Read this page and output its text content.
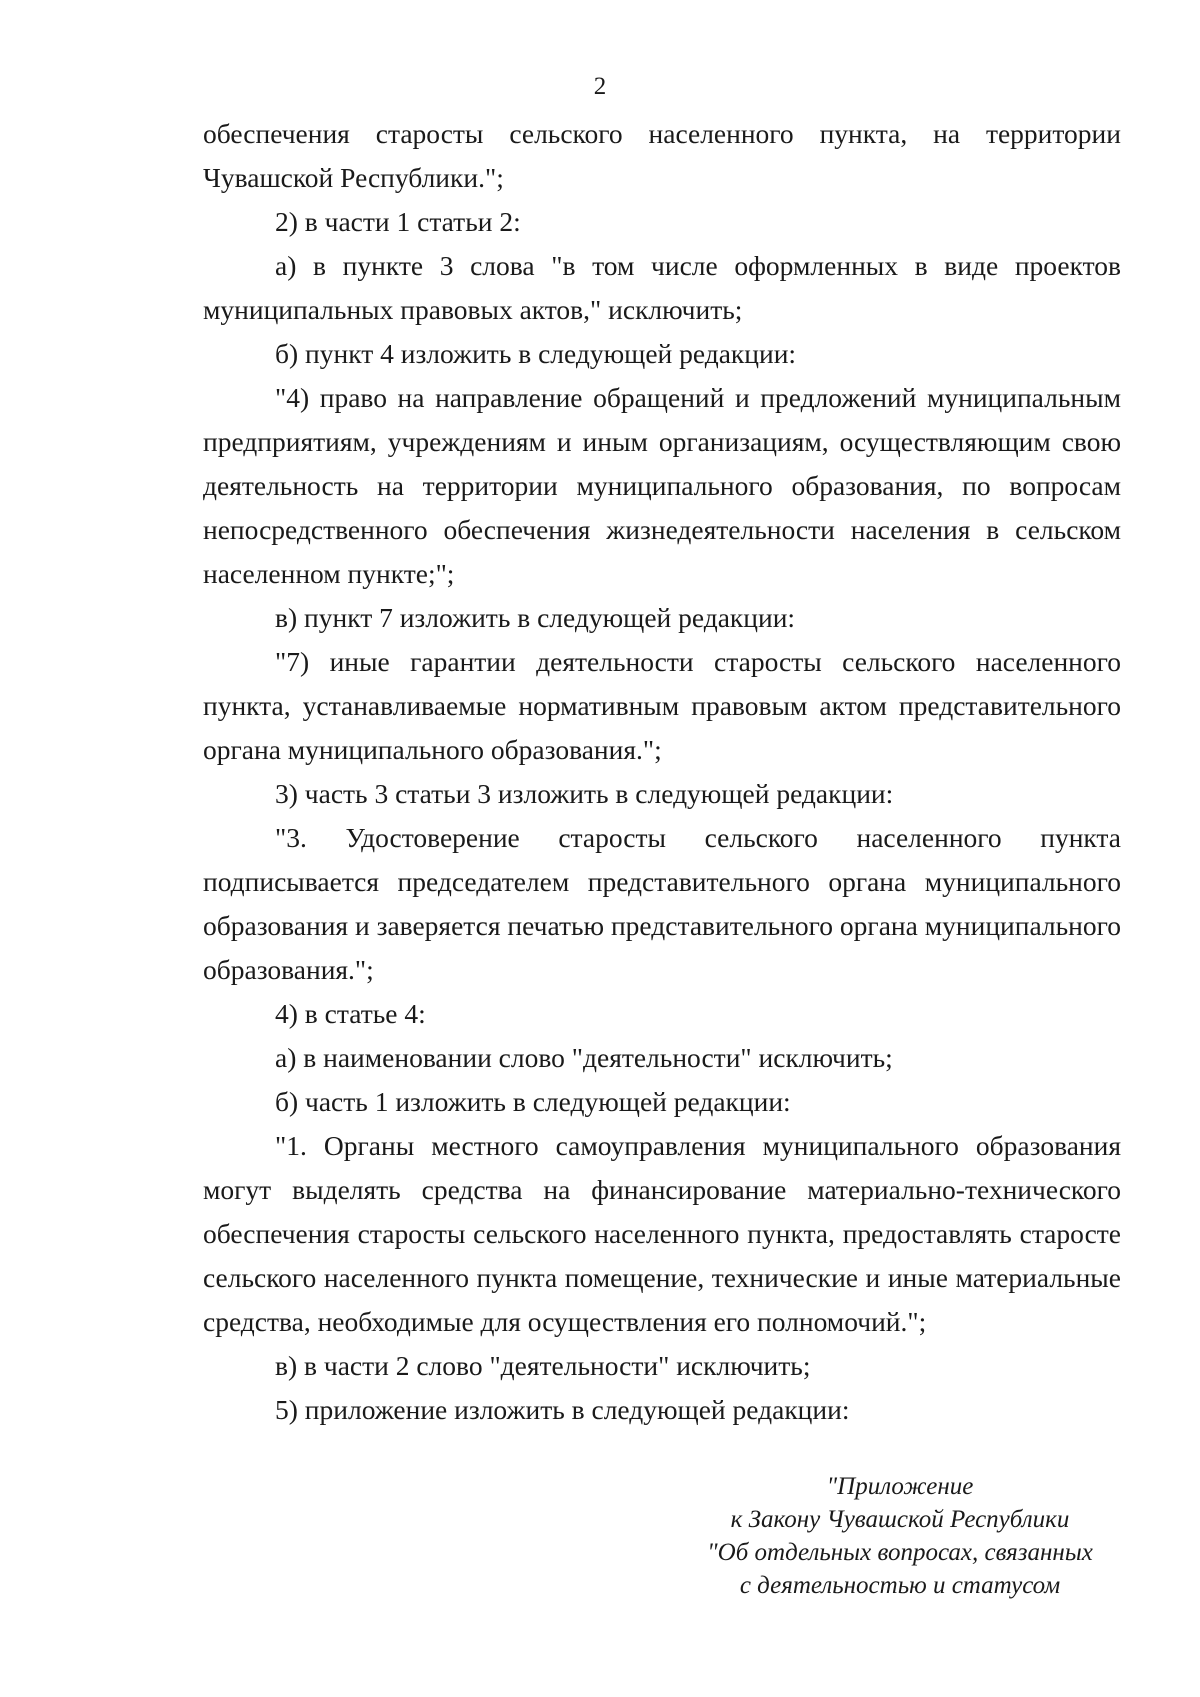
2

обеспечения старосты сельского населенного пункта, на территории Чувашской Республики.";

2) в части 1 статьи 2:

а) в пункте 3 слова "в том числе оформленных в виде проектов муниципальных правовых актов," исключить;

б) пункт 4 изложить в следующей редакции:

"4) право на направление обращений и предложений муниципальным предприятиям, учреждениям и иным организациям, осуществляющим свою деятельность на территории муниципального образования, по вопросам непосредственного обеспечения жизнедеятельности населения в сельском населенном пункте;";

в) пункт 7 изложить в следующей редакции:

"7) иные гарантии деятельности старосты сельского населенного пункта, устанавливаемые нормативным правовым актом представительного органа муниципального образования.";

3) часть 3 статьи 3 изложить в следующей редакции:

"3. Удостоверение старосты сельского населенного пункта подписывается председателем представительного органа муниципального образования и заверяется печатью представительного органа муниципального образования.";

4) в статье 4:

а) в наименовании слово "деятельности" исключить;

б) часть 1 изложить в следующей редакции:

"1. Органы местного самоуправления муниципального образования могут выделять средства на финансирование материально-технического обеспечения старосты сельского населенного пункта, предоставлять старосте сельского населенного пункта помещение, технические и иные материальные средства, необходимые для осуществления его полномочий.";

в) в части 2 слово "деятельности" исключить;

5) приложение изложить в следующей редакции:

"Приложение
к Закону Чувашской Республики
"Об отдельных вопросах, связанных
с деятельностью и статусом
